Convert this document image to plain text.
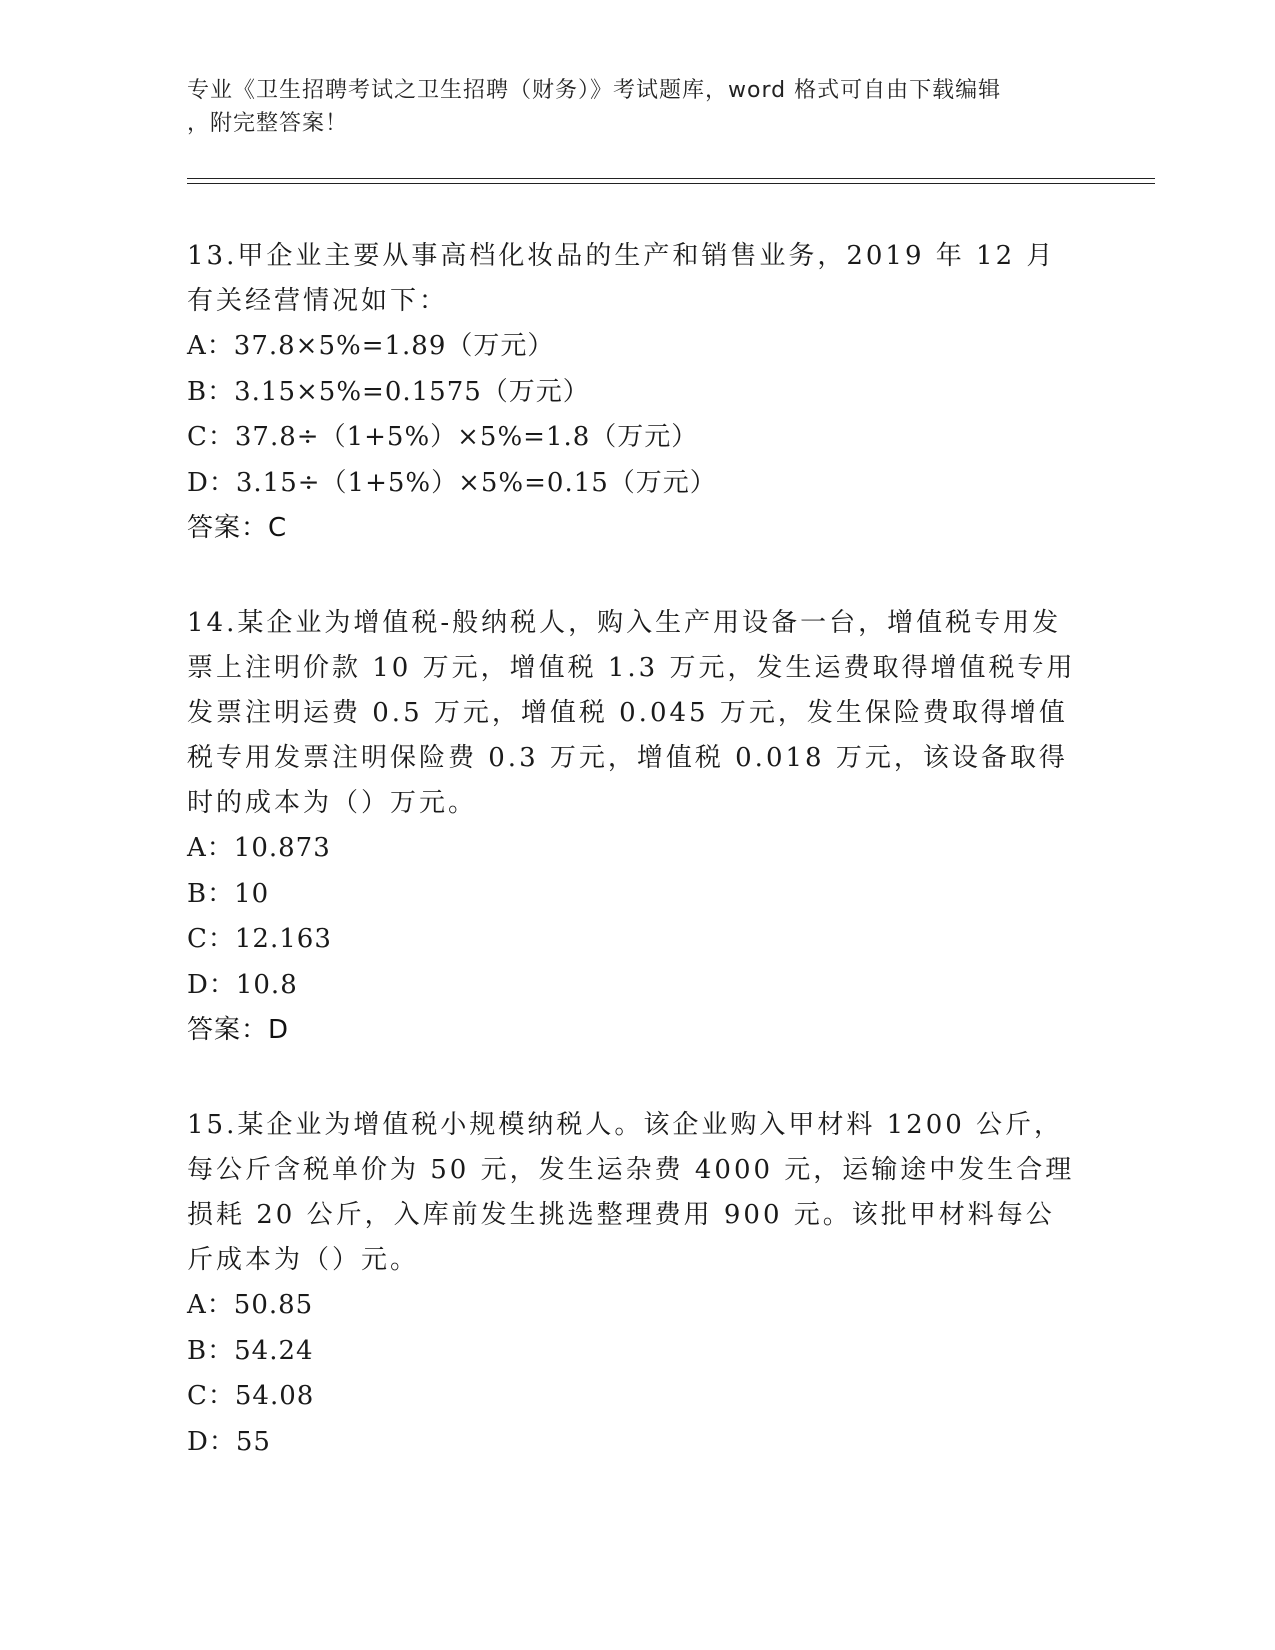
专业《卫生招聘考试之卫生招聘（财务）》考试题库，word 格式可自由下载编辑
，附完整答案！
13.甲企业主要从事高档化妆品的生产和销售业务，2019 年 12 月有关经营情况如下：
A：37.8×5%=1.89（万元）
B：3.15×5%=0.1575（万元）
C：37.8÷（1+5%）×5%=1.8（万元）
D：3.15÷（1+5%）×5%=0.15（万元）
答案：C
14.某企业为增值税-般纳税人，购入生产用设备一台，增值税专用发票上注明价款 10 万元，增值税 1.3 万元，发生运费取得增值税专用发票注明运费 0.5 万元，增值税 0.045 万元，发生保险费取得增值税专用发票注明保险费 0.3 万元，增值税 0.018 万元，该设备取得时的成本为（）万元。
A：10.873
B：10
C：12.163
D：10.8
答案：D
15.某企业为增值税小规模纳税人。该企业购入甲材料 1200 公斤，每公斤含税单价为 50 元，发生运杂费 4000 元，运输途中发生合理损耗 20 公斤，入库前发生挑选整理费用 900 元。该批甲材料每公斤成本为（）元。
A：50.85
B：54.24
C：54.08
D：55
